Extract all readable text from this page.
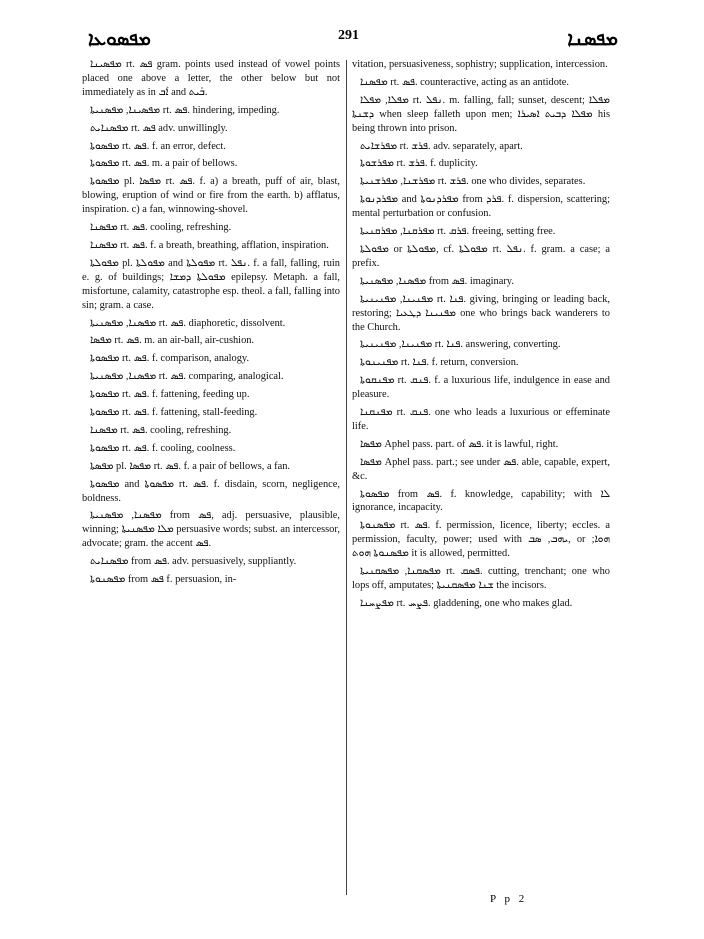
ܡܦܣܘܥܐ	291	ܡܦܣܢܐ

ܡܦܣܝܢܐ rt. ܦܣ gram. points used instead of vowel points placed one above a letter, the other below but not immediately as in ܐܰܒ and ܒܰܝܬ.

ܡܦܣܝܢܐ, ܡܦܣܢܝܬܐ rt. ܦܣ. hindering, impeding.

ܡܦܣܢܐܝܬ rt. ܦܣ adv. unwillingly.

ܡܦܣܘܬܐ rt. ܦܣ. f. an error, defect.

ܡܦܣܘܬܐ rt. ܦܣ. m. a pair of bellows.

ܡܦܣܘܬܐ pl. ܡܦܣܐ rt. ܦܣ. f. a) a breath, puff of air, blast, blowing, eruption of wind or fire from the earth. b) afflatus, inspiration. c) a fan, winnowing-shovel.

ܡܦܣܢܐ rt. ܦܣ. cooling, refreshing.

ܡܦܣܢܐ rt. ܦܣ. f. a breath, breathing, afflation, inspiration.

ܡܦܘܠܬܐ pl. ܡܦܘܠܬܐ and ܡܦܘܠܬܐ rt. ܢܦܠ. f. a fall, falling, ruin e. g. of buildings; ܡܦܘܠܬܐ ܕܡܫܐ epilepsy. Metaph. a fall, misfortune, calamity, catastrophe esp. theol. a fall, falling into sin; gram. a case.

ܡܦܣܢܐ, ܡܦܣܢܝܬܐ rt. ܦܣ. diaphoretic, dissolvent.

ܡܦܣܐ rt. ܦܣ. m. an air-ball, air-cushion.

ܡܦܣܘܬܐ rt. ܦܣ. f. comparison, analogy.

ܡܦܣܢܐ, ܡܦܣܢܝܬܐ rt. ܦܣ. comparing, analogical.

ܡܦܣܘܬܐ rt. ܦܣ. f. fattening, feeding up.

ܡܦܣܘܬܐ rt. ܦܣ. f. fattening, stall-feeding.

ܡܦܣܢܐ rt. ܦܣ. cooling, refreshing.

ܡܦܣܘܬܐ rt. ܦܣ. f. cooling, coolness.

ܡܦܣܬܐ pl. ܡܦܣܐ rt. ܦܣ. f. a pair of bellows, a fan.

ܡܦܣܘܬܐ and ܡܦܣܘܬܐ rt. ܦܣ. f. disdain, scorn, negligence, boldness.

ܡܦܣܢܐ, ܡܦܣܢܝܬܐ from ܦܣ, adj. persuasive, plausible, winning; ܡܠܐ ܡܦܣܢܝܬܐ persuasive words; subst. an intercessor, advocate; gram. the accent ܦܣ.

ܡܦܣܢܐܝܬ from ܦܣ. adv. persuasively, suppliantly.

ܡܦܣܢܘܬܐ from ܦܣ f. persuasion, in-

vitation, persuasiveness, sophistry; supplication, intercession.

ܡܦܣܢܐ rt. ܦܣ. counteractive, acting as an antidote.

ܡܦܠܐ, ܡܦܠܐ rt. ܢܦܠ. m. falling, fall; sunset, descent; ܡܦܠܐ ܕܫܢܬܐ when sleep falleth upon men; ܡܦܠܐ ܕܒܝܬ ܐܣܝܪܐ his being thrown into prison.

ܡܦܪܫܐܝܬ rt. ܦܪܫ. adv. separately, apart.

ܡܦܪܫܘܬܐ rt. ܦܪܫ. f. duplicity.

ܡܦܪܫܢܐ, ܡܦܪܫܢܝܬܐ rt. ܦܪܫ. one who divides, separates.

ܡܦܪܕܢܘܬܐ and ܡܦܪܕܢܘܬܐ from ܦܪܕ. f. dispersion, scattering; mental perturbation or confusion.

ܡܦܪܩܢܐ, ܡܦܪܩܢܝܬܐ rt. ܦܪܩ. freeing, setting free.

ܡܦܘܠܬܐ or ܡܦܘܠܬܐ, cf. ܡܦܘܠܬܐ rt. ܢܦܠ. f. gram. a case; a prefix.

ܡܦܣܢܐ, ܡܦܣܢܝܬܐ from ܦܣ. imaginary.

ܡܦܢܝܢܐ, ܡܦܢܝܢܝܬܐ rt. ܦܢܐ. giving, bringing or leading back, restoring; ܡܦܢܝܢܐ ܕܛܥܝܐ one who brings back wanderers to the Church.

ܡܦܢܝܢܐ, ܡܦܢܝܢܝܬܐ rt. ܦܢܐ. answering, converting.

ܡܦܢܝܢܘܬܐ rt. ܦܢܐ. f. return, conversion.

ܡܦܢܩܘܬܐ rt. ܦܢܩ. f. a luxurious life, indulgence in ease and pleasure.

ܡܦܢܩܢܐ rt. ܦܢܩ. one who leads a luxurious or effeminate life.

ܡܦܣܐ Aphel pass. part. of ܦܣ. it is lawful, right.

ܡܦܣܐ Aphel pass. part.; see under ܦܣ. able, capable, expert, &c.

ܡܦܣܘܬܐ from ܦܣ. f. knowledge, capability; with ܠܐ ignorance, incapacity.

ܡܦܣܢܘܬܐ rt. ܦܣ. f. permission, licence, liberty; eccles. a permission, faculty, power; used with ܝܗܒ, ܣܒ, or ܗܘܐ; ܡܦܣܢܘܬܐ ܗܘܬ it is allowed, permitted.

ܡܦܣܩܢܐ, ܡܦܣܩܢܝܬܐ rt. ܦܣܩ. cutting, trenchant; one who lops off, amputates; ܫܢܐ ܡܦܣܩܢܝܬܐ the incisors.

ܡܦܨܚܢܐ rt. ܦܨܚ. gladdening, one who makes glad.

P p 2
